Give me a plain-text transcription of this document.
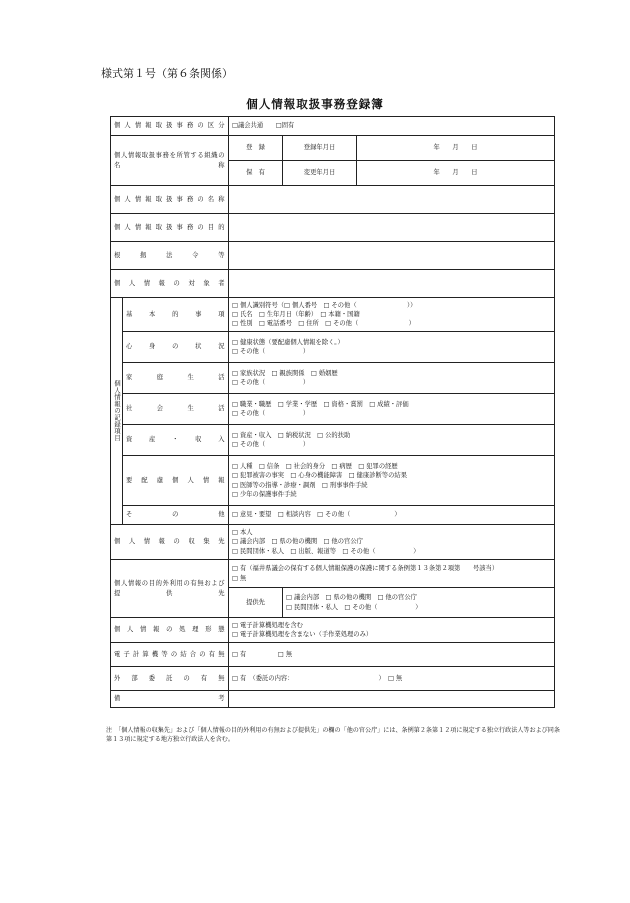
様式第１号（第６条関係）
個人情報取扱事務登録簿
個人情報取扱事務の区分		□議会共通　　□固有		
個人情報取扱事務を所管する組織の名称		登　録	登録年月日	年　　月　　日
		保　有	変更年月日	年　　月　　日
個人情報取扱事務の名称				
個人情報取扱事務の目的				
根拠法令等				
個人情報の対象者				
個人情報の記録項目	基本的事項	□ 個人識別符号（□ 個人番号　□ その他（　　　　　　　　））
□ 氏名　□ 生年月日（年齢）　□ 本籍・国籍
□ 性別　□ 電話番号　□ 住所　□ その他（　　　　　　　　）		

	心身の状況	□ 健康状態（要配慮個人情報を除く。）
□ その他（　　　　　　）		

	家庭生活	□ 家族状況　□ 親族関係　□ 婚姻歴
□ その他（　　　　　　）		

	社会生活	□ 職業・職歴　□ 学業・学歴　□ 資格・賞罰　□ 成績・評価
□ その他（　　　　　　）		

	資産・収入	□ 資産・収入　□ 納税状況　□ 公的扶助
□ その他（　　　　　　）		

	要配慮個人情報	□ 人種　□ 信条　□ 社会的身分　□ 病歴　□ 犯罪の経歴
□ 犯罪被害の事実　□ 心身の機能障害　□ 健康診断等の結果
□ 医師等の指導・診療・調剤　□ 刑事事件手続
□ 少年の保護事件手続		

	その他	□ 意見・要望　□ 相談内容　□ その他（　　　　　　　）		
個人情報の収集先		□ 本人
□ 議会内部　□ 県の他の機関　□ 他の官公庁
□ 民間団体・私人　□ 出版、報道等　□ その他（　　　　　　）		

個人情報の目的外利用の有無および提供先		□ 有（福井県議会の保有する個人情報保護の保護に関する条例第１３条第２項第　　号該当）
□ 無		

		提供先	□ 議会内部　□ 県の他の機関　□ 他の官公庁
□ 民間団体・私人　□ その他（　　　　　　）	

個人情報の処理形態		□ 電子計算機処理を含む
□ 電子計算機処理を含まない（手作業処理のみ）		

電子計算機等の結合の有無		□ 有　　　　　□ 無		
外部委託の有無		□ 有　（委託の内容：　　　　　　　　　　　　　　）　□ 無		
備考				
注　「個人情報の収集先」および「個人情報の目的外利用の有無および提供先」の欄の「他の官公庁」には、条例第２条第１２項に規定する独立行政法人等および同条第１３項に規定する地方独立行政法人を含む。
